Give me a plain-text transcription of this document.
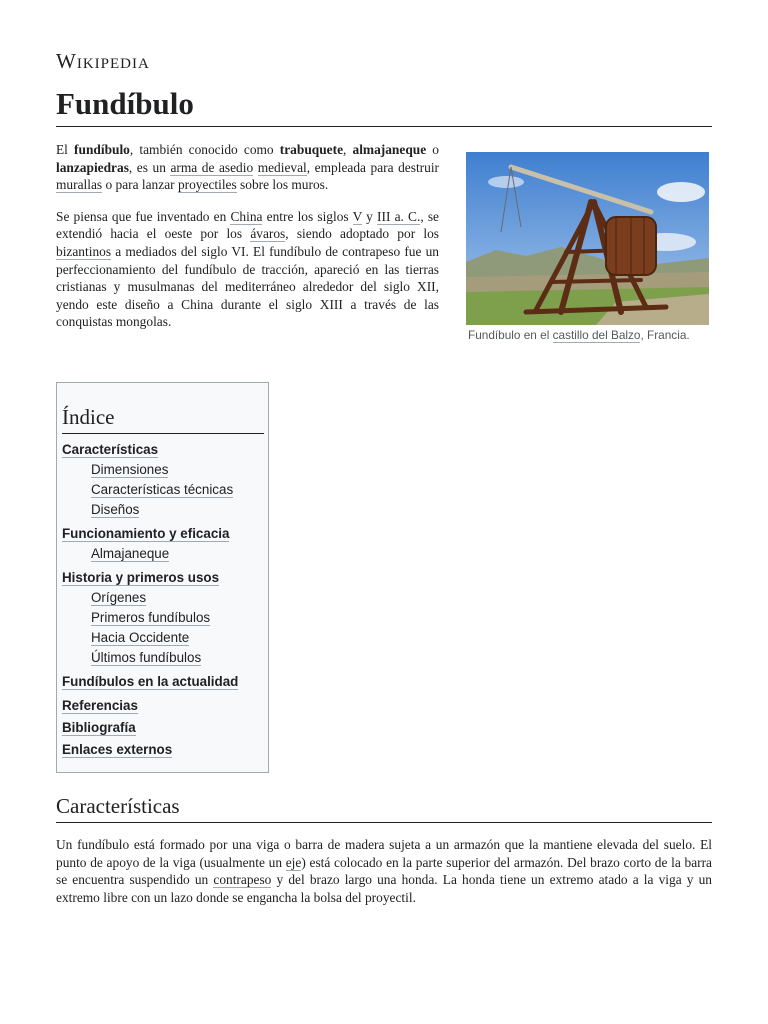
Wikipedia
Fundíbulo

El fundíbulo, también conocido como trabuquete, almajaneque o lanzapiedras, es un arma de asedio medieval, empleada para destruir murallas o para lanzar proyectiles sobre los muros.

Se piensa que fue inventado en China entre los siglos V y III a. C., se extendió hacia el oeste por los ávaros, siendo adoptado por los bizantinos a mediados del siglo VI. El fundíbulo de contrapeso fue un perfeccionamiento del fundíbulo de tracción, apareció en las tierras cristianas y musulmanas del mediterráneo alrededor del siglo XII, yendo este diseño a China durante el siglo XIII a través de las conquistas mongolas.

Fundíbulo en el castillo del Balzo, Francia.
Índice
Características
Dimensiones
Características técnicas
Diseños
Funcionamiento y eficacia
Almajaneque
Historia y primeros usos
Orígenes
Primeros fundíbulos
Hacia Occidente
Últimos fundíbulos
Fundíbulos en la actualidad
Referencias
Bibliografía
Enlaces externos
Características

Un fundíbulo está formado por una viga o barra de madera sujeta a un armazón que la mantiene elevada del suelo. El punto de apoyo de la viga (usualmente un eje) está colocado en la parte superior del armazón. Del brazo corto de la barra se encuentra suspendido un contrapeso y del brazo largo una honda. La honda tiene un extremo atado a la viga y un extremo libre con un lazo donde se engancha la bolsa del proyectil.
